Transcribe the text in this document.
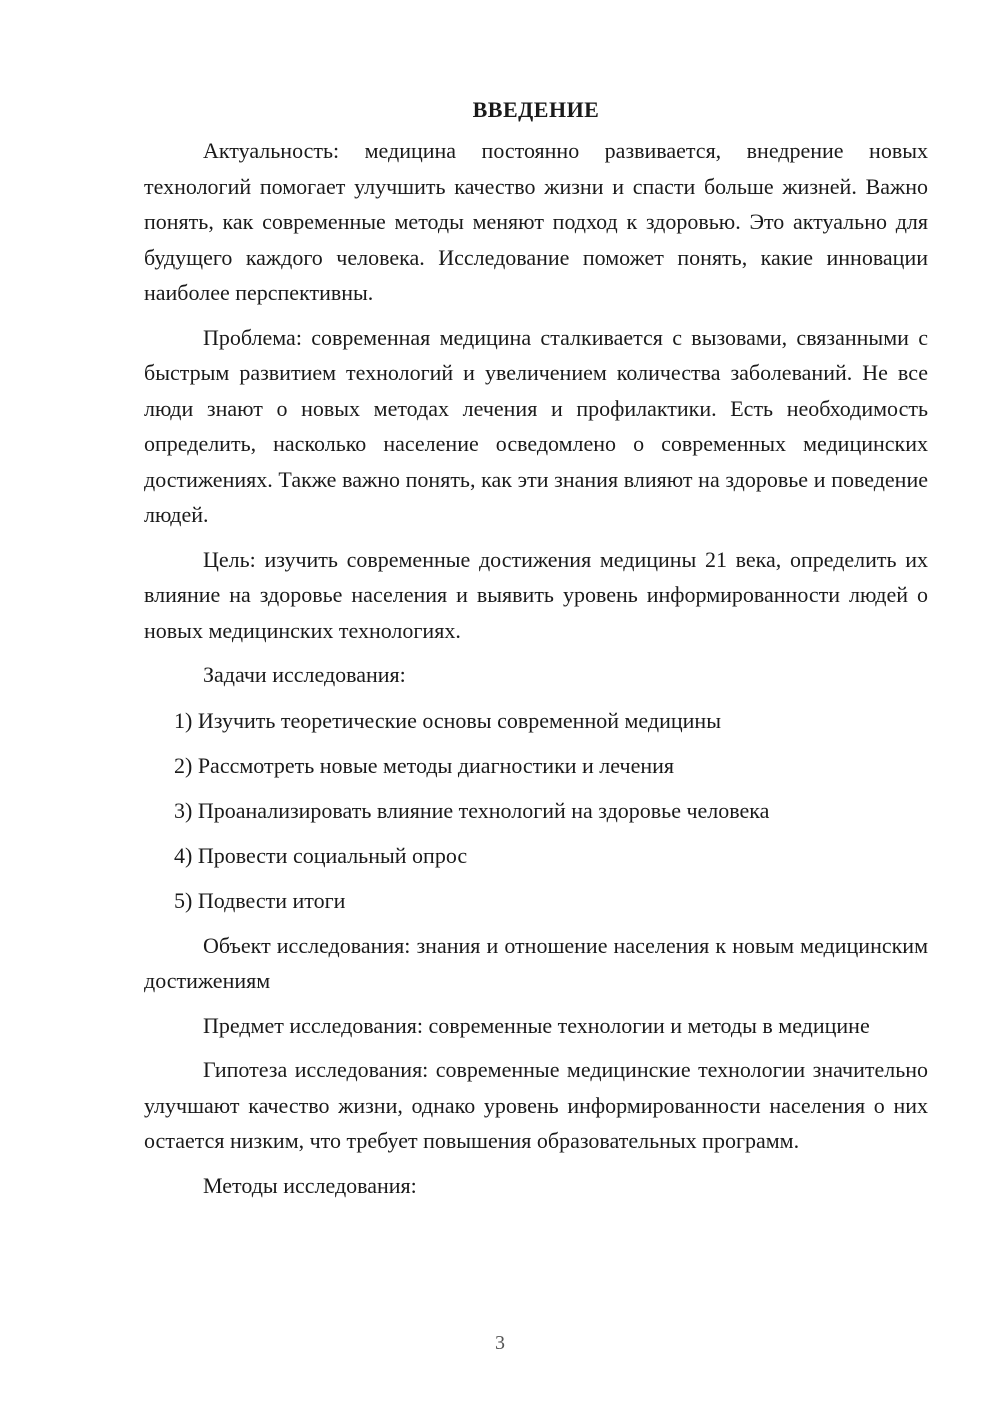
ВВЕДЕНИЕ

Актуальность: медицина постоянно развивается, внедрение новых технологий помогает улучшить качество жизни и спасти больше жизней. Важно понять, как современные методы меняют подход к здоровью. Это актуально для будущего каждого человека. Исследование поможет понять, какие инновации наиболее перспективны.

Проблема: современная медицина сталкивается с вызовами, связанными с быстрым развитием технологий и увеличением количества заболеваний. Не все люди знают о новых методах лечения и профилактики. Есть необходимость определить, насколько население осведомлено о современных медицинских достижениях. Также важно понять, как эти знания влияют на здоровье и поведение людей.

Цель: изучить современные достижения медицины 21 века, определить их влияние на здоровье населения и выявить уровень информированности людей о новых медицинских технологиях.

Задачи исследования:

1) Изучить теоретические основы современной медицины
2) Рассмотреть новые методы диагностики и лечения
3) Проанализировать влияние технологий на здоровье человека
4) Провести социальный опрос
5) Подвести итоги

Объект исследования: знания и отношение населения к новым медицинским достижениям

Предмет исследования: современные технологии и методы в медицине

Гипотеза исследования: современные медицинские технологии значительно улучшают качество жизни, однако уровень информированности населения о них остается низким, что требует повышения образовательных программ.

Методы исследования:

3
